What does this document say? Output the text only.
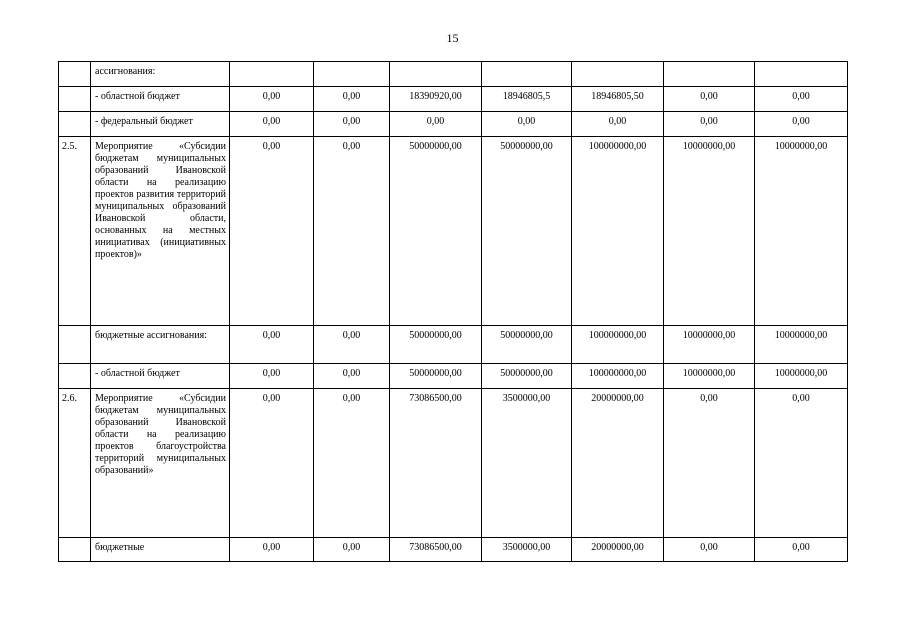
15
	ассигнования:							
	- областной бюджет	0,00	0,00	18390920,00	18946805,5	18946805,50	0,00	0,00
	- федеральный бюджет	0,00	0,00	0,00	0,00	0,00	0,00	0,00
2.5.	Мероприятие «Субсидии бюджетам муниципальных образований Ивановской области на реализацию проектов развития территорий муниципальных образований Ивановской области, основанных на местных инициативах (инициативных проектов)»	0,00	0,00	50000000,00	50000000,00	100000000,00	10000000,00	10000000,00
	бюджетные ассигнования:	0,00	0,00	50000000,00	50000000,00	100000000,00	10000000,00	10000000,00
	- областной бюджет	0,00	0,00	50000000,00	50000000,00	100000000,00	10000000,00	10000000,00
2.6.	Мероприятие «Субсидии бюджетам муниципальных образований Ивановской области на реализацию проектов благоустройства территорий муниципальных образований»	0,00	0,00	73086500,00	3500000,00	20000000,00	0,00	0,00
	бюджетные	0,00	0,00	73086500,00	3500000,00	20000000,00	0,00	0,00
